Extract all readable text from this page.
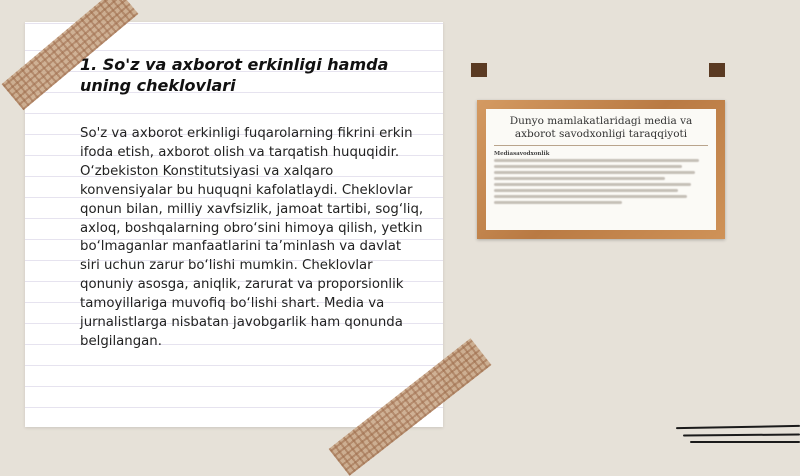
1. So'z va axborot erkinligi hamda uning cheklovlari

So'z va axborot erkinligi fuqarolarning fikrini erkin ifoda etish, axborot olish va tarqatish huquqidir. O‘zbekiston Konstitutsiyasi va xalqaro konvensiyalar bu huquqni kafolatlaydi. Cheklovlar qonun bilan, milliy xavfsizlik, jamoat tartibi, sog‘liq, axloq, boshqalarning obro‘sini himoya qilish, yetkin bo‘lmaganlar manfaatlarini ta’minlash va davlat siri uchun zarur bo‘lishi mumkin. Cheklovlar qonuniy asosga, aniqlik, zarurat va proporsionlik tamoyillariga muvofiq bo‘lishi shart. Media va jurnalistlarga nisbatan javobgarlik ham qonunda belgilangan.

Dunyo mamlakatlaridagi media va axborot savodxonligi taraqqiyoti
Mediasavodxonlik
